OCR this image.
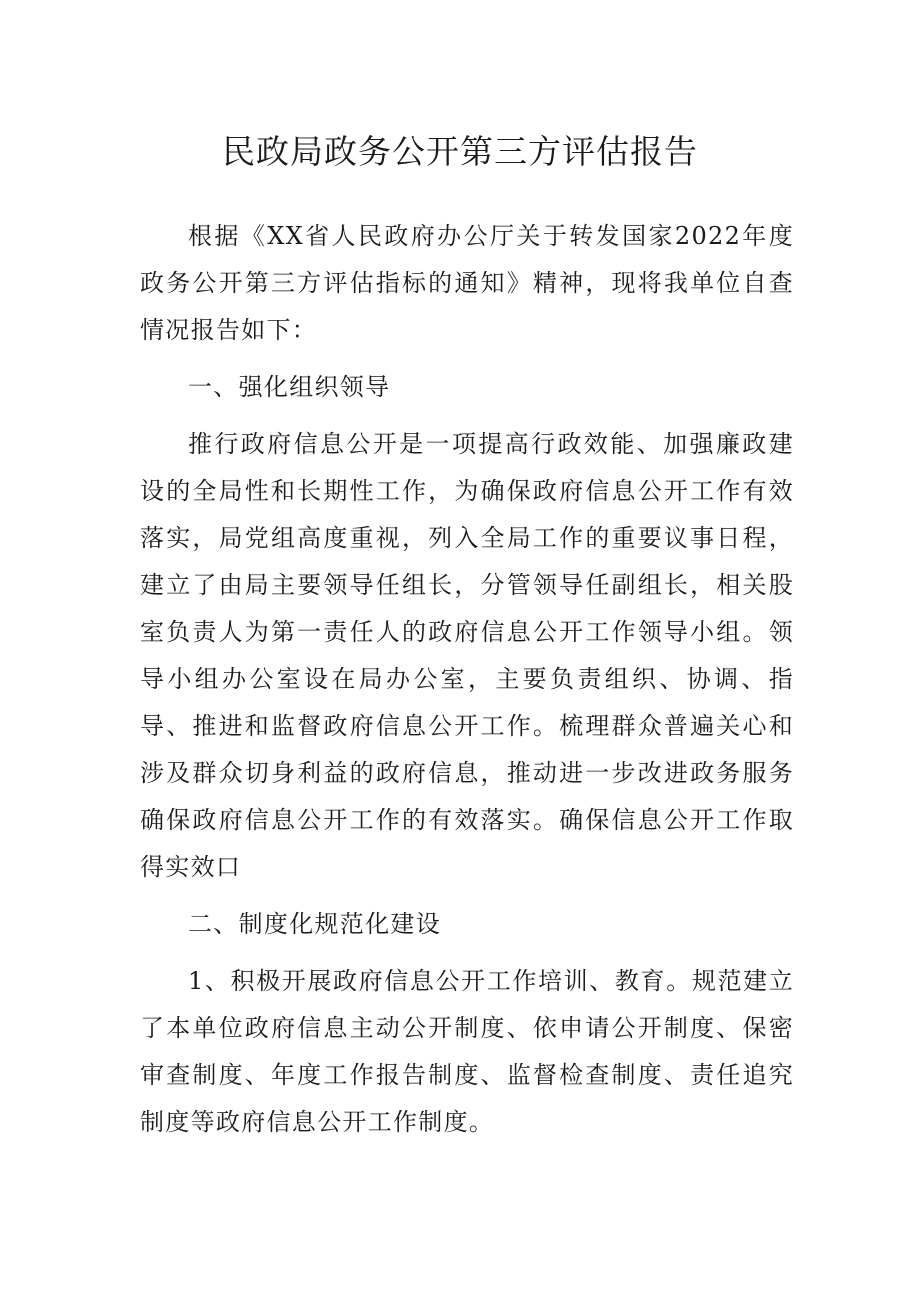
民政局政务公开第三方评估报告

根据《XX省人民政府办公厅关于转发国家2022年度政务公开第三方评估指标的通知》精神，现将我单位自查情况报告如下：

一、强化组织领导

推行政府信息公开是一项提高行政效能、加强廉政建设的全局性和长期性工作，为确保政府信息公开工作有效落实，局党组高度重视，列入全局工作的重要议事日程，建立了由局主要领导任组长，分管领导任副组长，相关股室负责人为第一责任人的政府信息公开工作领导小组。领导小组办公室设在局办公室，主要负责组织、协调、指导、推进和监督政府信息公开工作。梳理群众普遍关心和涉及群众切身利益的政府信息，推动进一步改进政务服务确保政府信息公开工作的有效落实。确保信息公开工作取得实效口

二、制度化规范化建设

1、积极开展政府信息公开工作培训、教育。规范建立了本单位政府信息主动公开制度、依申请公开制度、保密审查制度、年度工作报告制度、监督检查制度、责任追究制度等政府信息公开工作制度。
